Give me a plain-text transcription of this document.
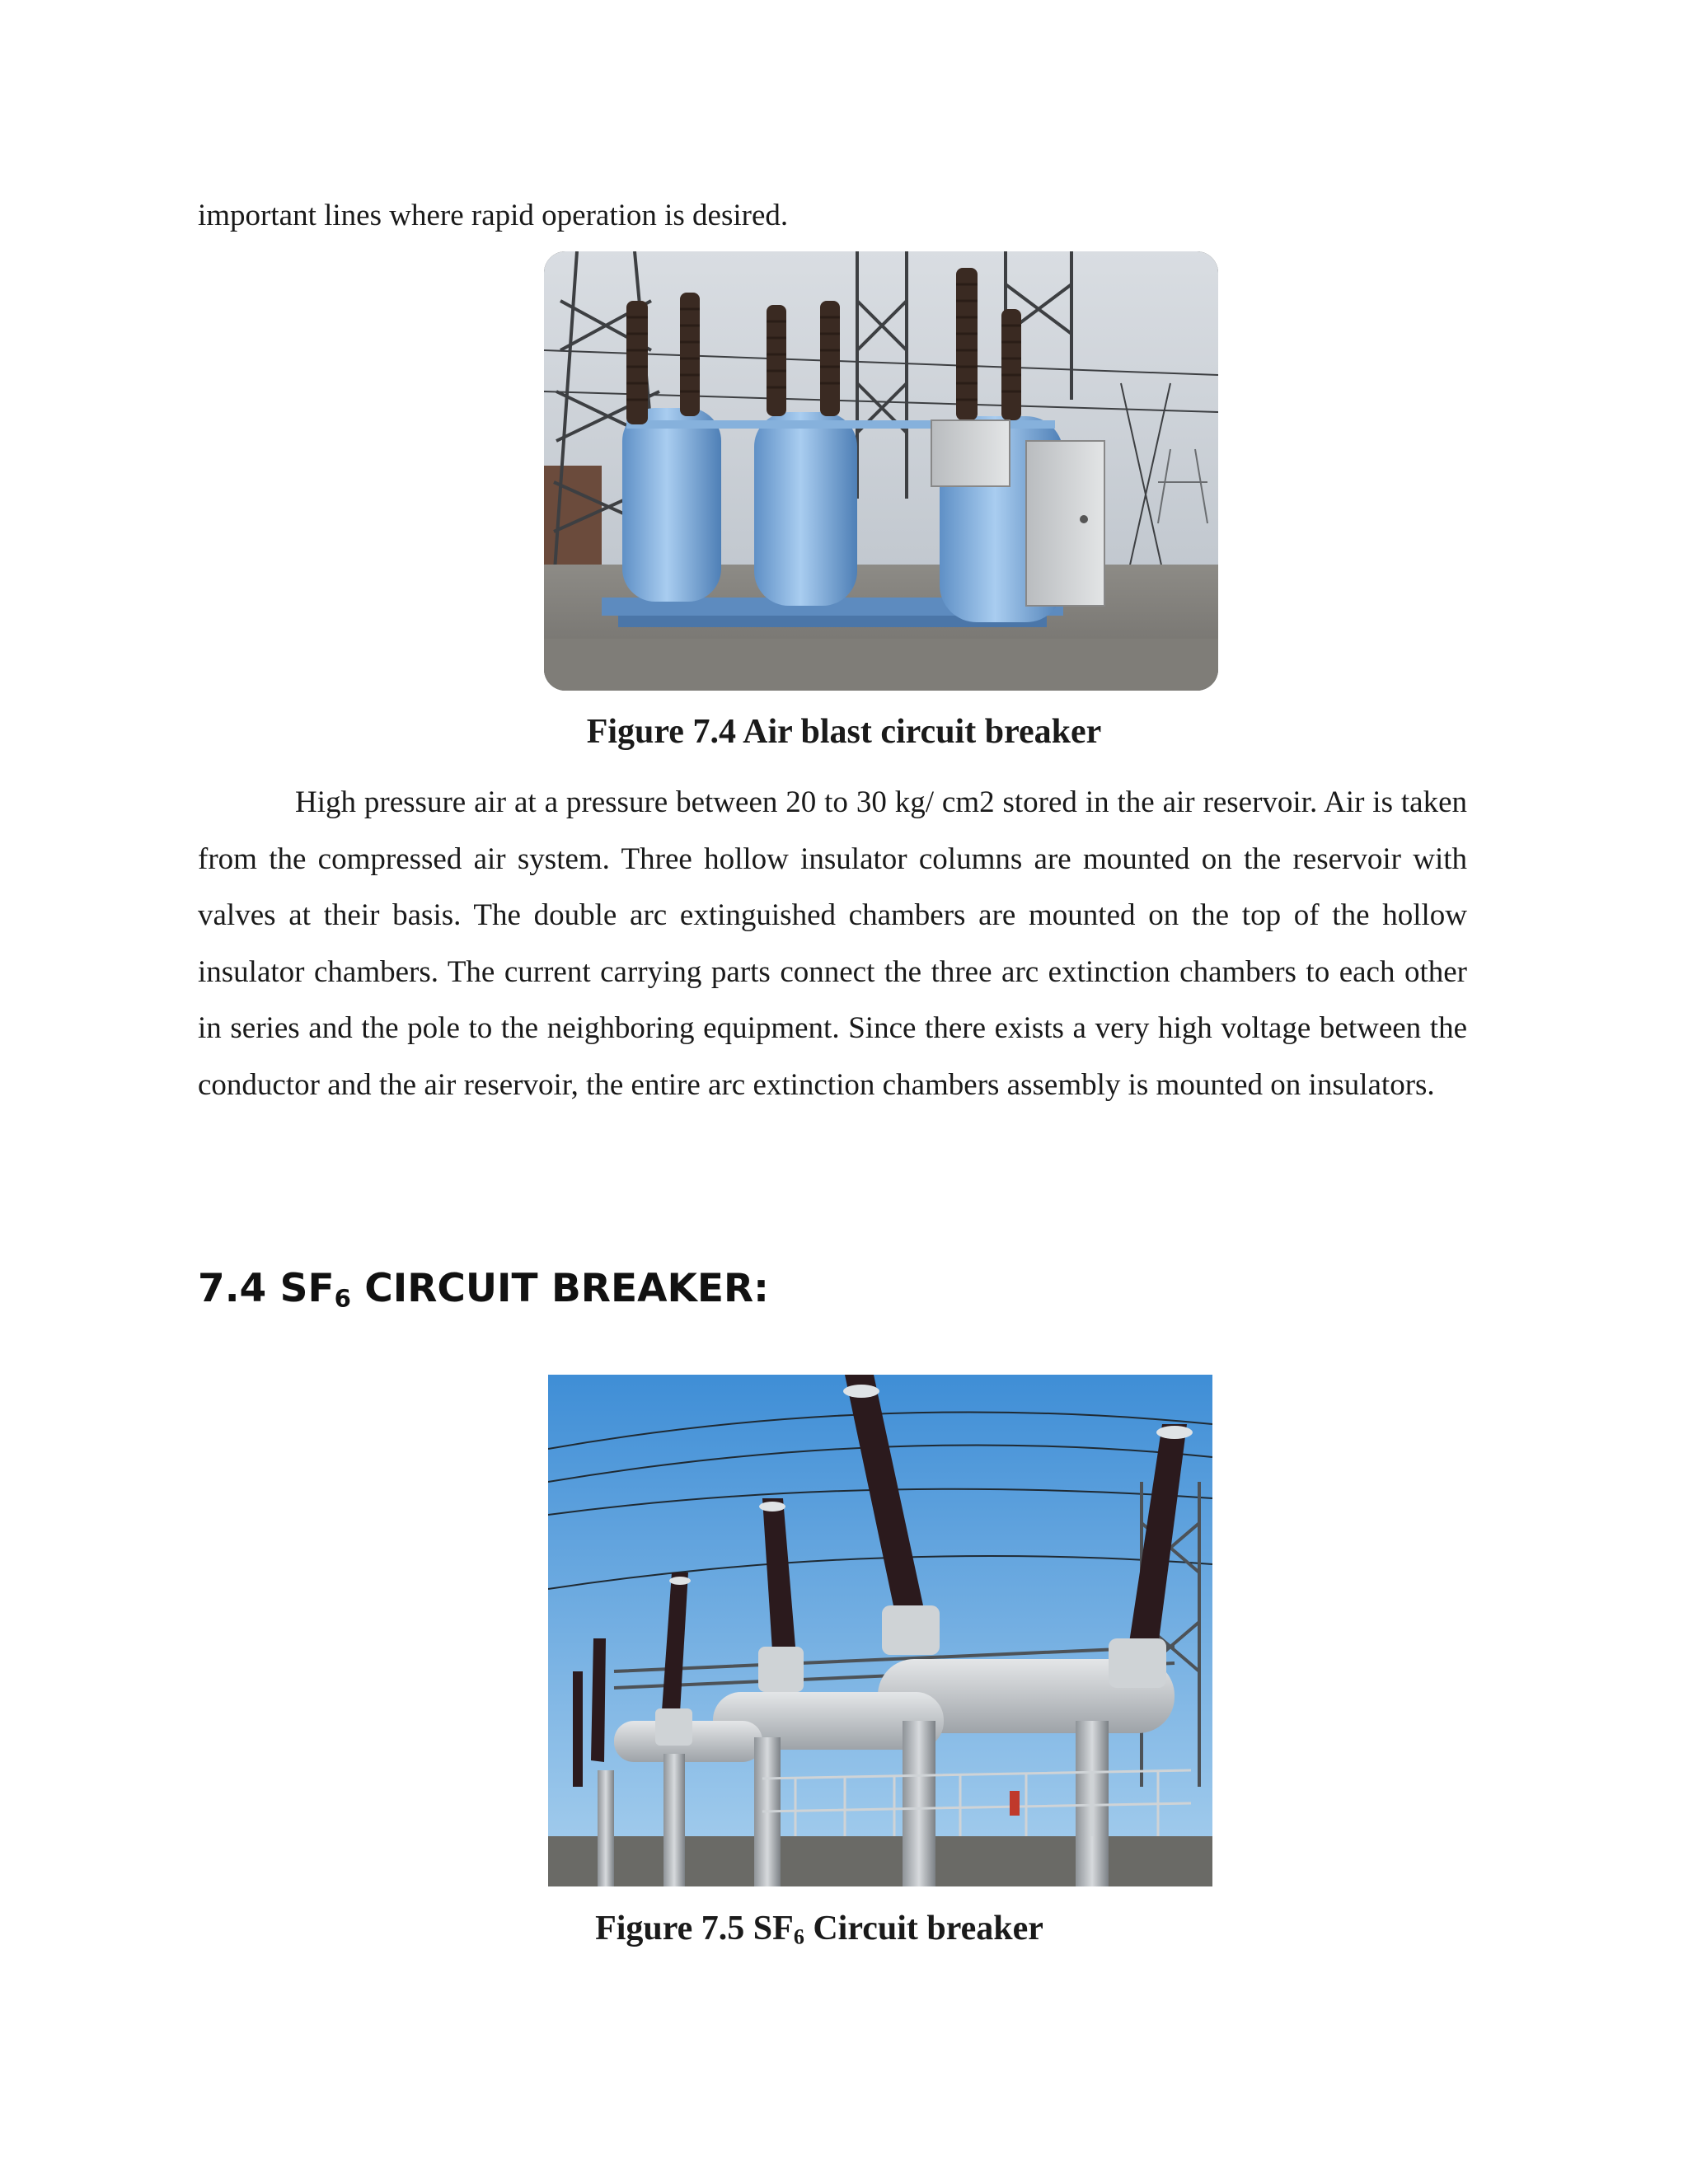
important lines where rapid operation is desired.
Figure 7.4 Air blast circuit breaker
High pressure air at a pressure between 20 to 30 kg/ cm2 stored in the air reservoir. Air is taken from the compressed air system. Three hollow insulator columns are mounted on the reservoir with valves at their basis. The double arc extinguished chambers are mounted on the top of the hollow insulator chambers. The current carrying parts connect the three arc extinction chambers to each other in series and the pole to the neighboring equipment. Since there exists a very high voltage between the conductor and the air reservoir, the entire arc extinction chambers assembly is mounted on insulators.
7.4 $SF_6$ CIRCUIT BREAKER:
Figure 7.5 $SF_6$ Circuit breaker
